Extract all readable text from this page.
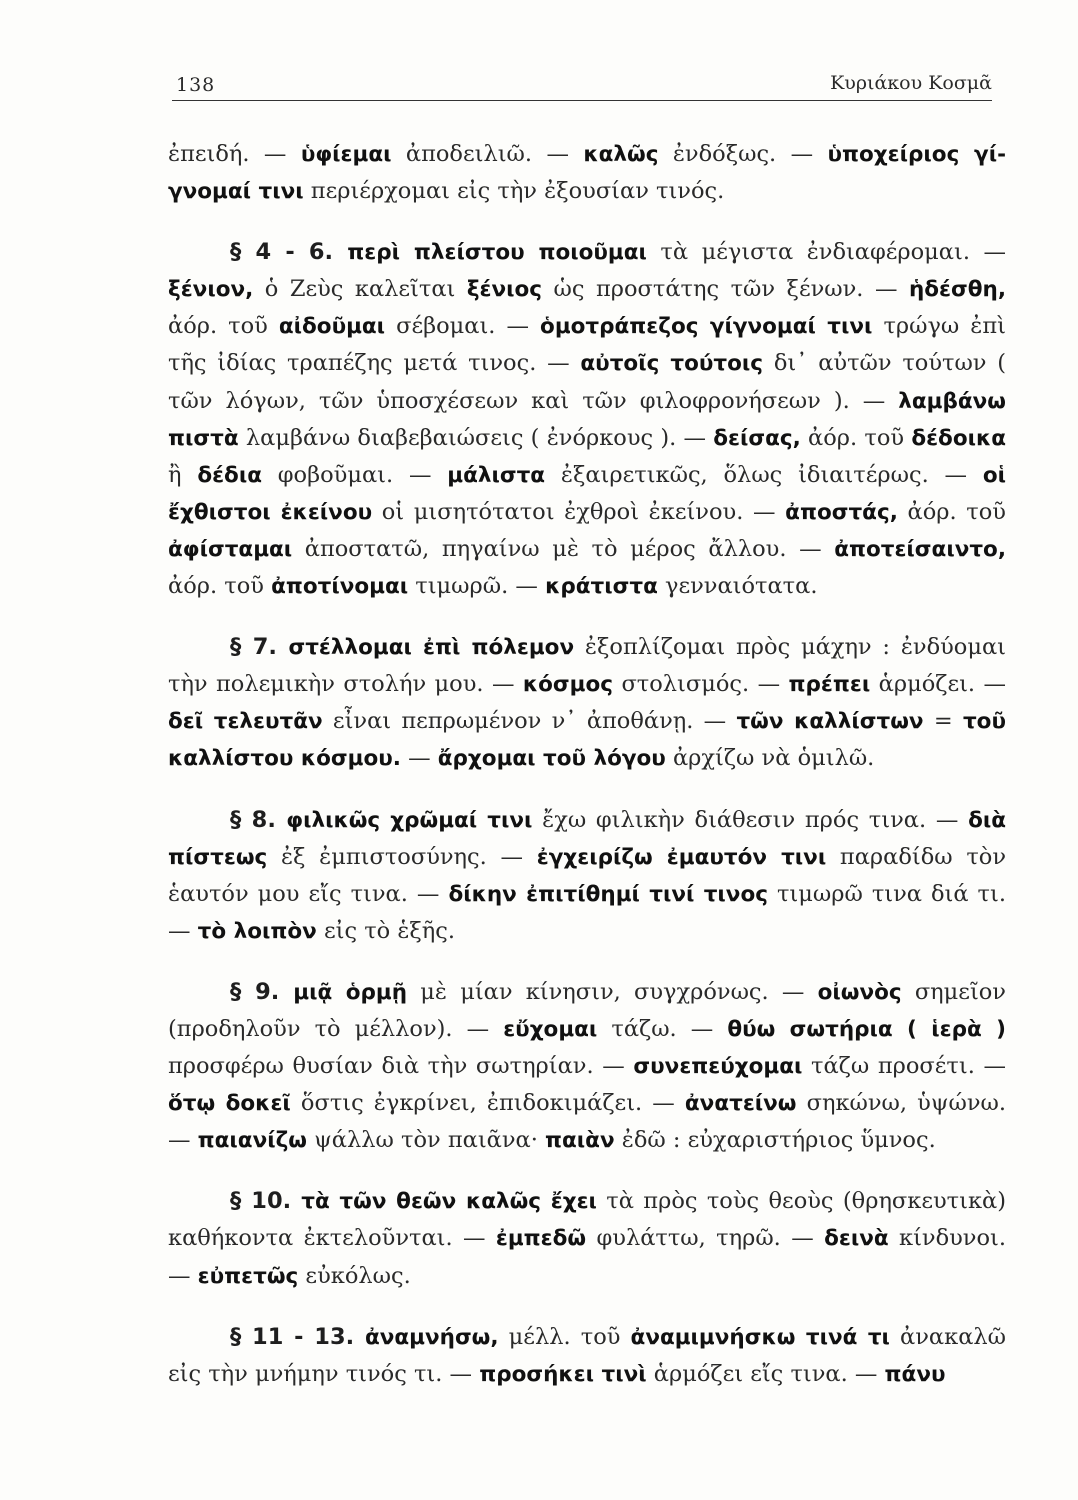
138	Κυριάκου Κοσμᾶ

ἐπειδή. — ὑφίεμαι ἀποδειλιῶ. — καλῶς ἐνδόξως. — ὑποχείριος γί-γνομαί τινι περιέρχομαι εἰς τὴν ἐξουσίαν τινός.

§ 4 - 6. περὶ πλείστου ποιοῦμαι τὰ μέγιστα ἐνδιαφέρομαι. — ξένιον, ὁ Ζεὺς καλεῖται ξένιος ὡς προστάτης τῶν ξένων. — ἡδέσθη, ἀόρ. τοῦ αἰδοῦμαι σέβομαι. — ὁμοτράπεζος γίγνομαί τινι τρώγω ἐπὶ τῆς ἰδίας τραπέζης μετά τινος. — αὐτοῖς τούτοις δι᾽ αὐτῶν τούτων ( τῶν λόγων, τῶν ὑποσχέσεων καὶ τῶν φιλοφρονήσεων ). — λαμβάνω πιστὰ λαμβάνω διαβεβαιώσεις ( ἐνόρκους ). — δείσας, ἀόρ. τοῦ δέδοικα ἢ δέδια φοβοῦμαι. — μάλιστα ἐξαιρετικῶς, ὅλως ἰδιαιτέρως. — οἱ ἔχθιστοι ἐκείνου οἱ μισητότατοι ἐχθροὶ ἐκείνου. — ἀποστάς, ἀόρ. τοῦ ἀφίσταμαι ἀποστατῶ, πηγαίνω μὲ τὸ μέρος ἄλλου. — ἀποτείσαιντο, ἀόρ. τοῦ ἀποτίνομαι τιμωρῶ. — κράτιστα γενναιότατα.

§ 7. στέλλομαι ἐπὶ πόλεμον ἐξοπλίζομαι πρὸς μάχην : ἐνδύομαι τὴν πολεμικὴν στολήν μου. — κόσμος στολισμός. — πρέπει ἁρμόζει. — δεῖ τελευτᾶν εἶναι πεπρωμένον ν᾽ ἀποθάνῃ. — τῶν καλλίστων = τοῦ καλλίστου κόσμου. — ἄρχομαι τοῦ λόγου ἀρχίζω νὰ ὁμιλῶ.

§ 8. φιλικῶς χρῶμαί τινι ἔχω φιλικὴν διάθεσιν πρός τινα. — διὰ πίστεως ἐξ ἐμπιστοσύνης. — ἐγχειρίζω ἐμαυτόν τινι παραδίδω τὸν ἑαυτόν μου εἴς τινα. — δίκην ἐπιτίθημί τινί τινος τιμωρῶ τινα διά τι. — τὸ λοιπὸν εἰς τὸ ἑξῆς.

§ 9. μιᾷ ὁρμῇ μὲ μίαν κίνησιν, συγχρόνως. — οἰωνὸς σημεῖον (προδηλοῦν τὸ μέλλον). — εὔχομαι τάζω. — θύω σωτήρια ( ἱερὰ ) προσφέρω θυσίαν διὰ τὴν σωτηρίαν. — συνεπεύχομαι τάζω προσέτι. — ὅτῳ δοκεῖ ὅστις ἐγκρίνει, ἐπιδοκιμάζει. — ἀνατείνω σηκώνω, ὑψώνω. — παιανίζω ψάλλω τὸν παιᾶνα· παιὰν ἐδῶ : εὐχαριστήριος ὕμνος.

§ 10. τὰ τῶν θεῶν καλῶς ἔχει τὰ πρὸς τοὺς θεοὺς (θρησκευτικὰ) καθήκοντα ἐκτελοῦνται. — ἐμπεδῶ φυλάττω, τηρῶ. — δεινὰ κίνδυνοι. — εὐπετῶς εὐκόλως.

§ 11 - 13. ἀναμνήσω, μέλλ. τοῦ ἀναμιμνήσκω τινά τι ἀνακαλῶ εἰς τὴν μνήμην τινός τι. — προσήκει τινὶ ἁρμόζει εἴς τινα. — πάνυ
